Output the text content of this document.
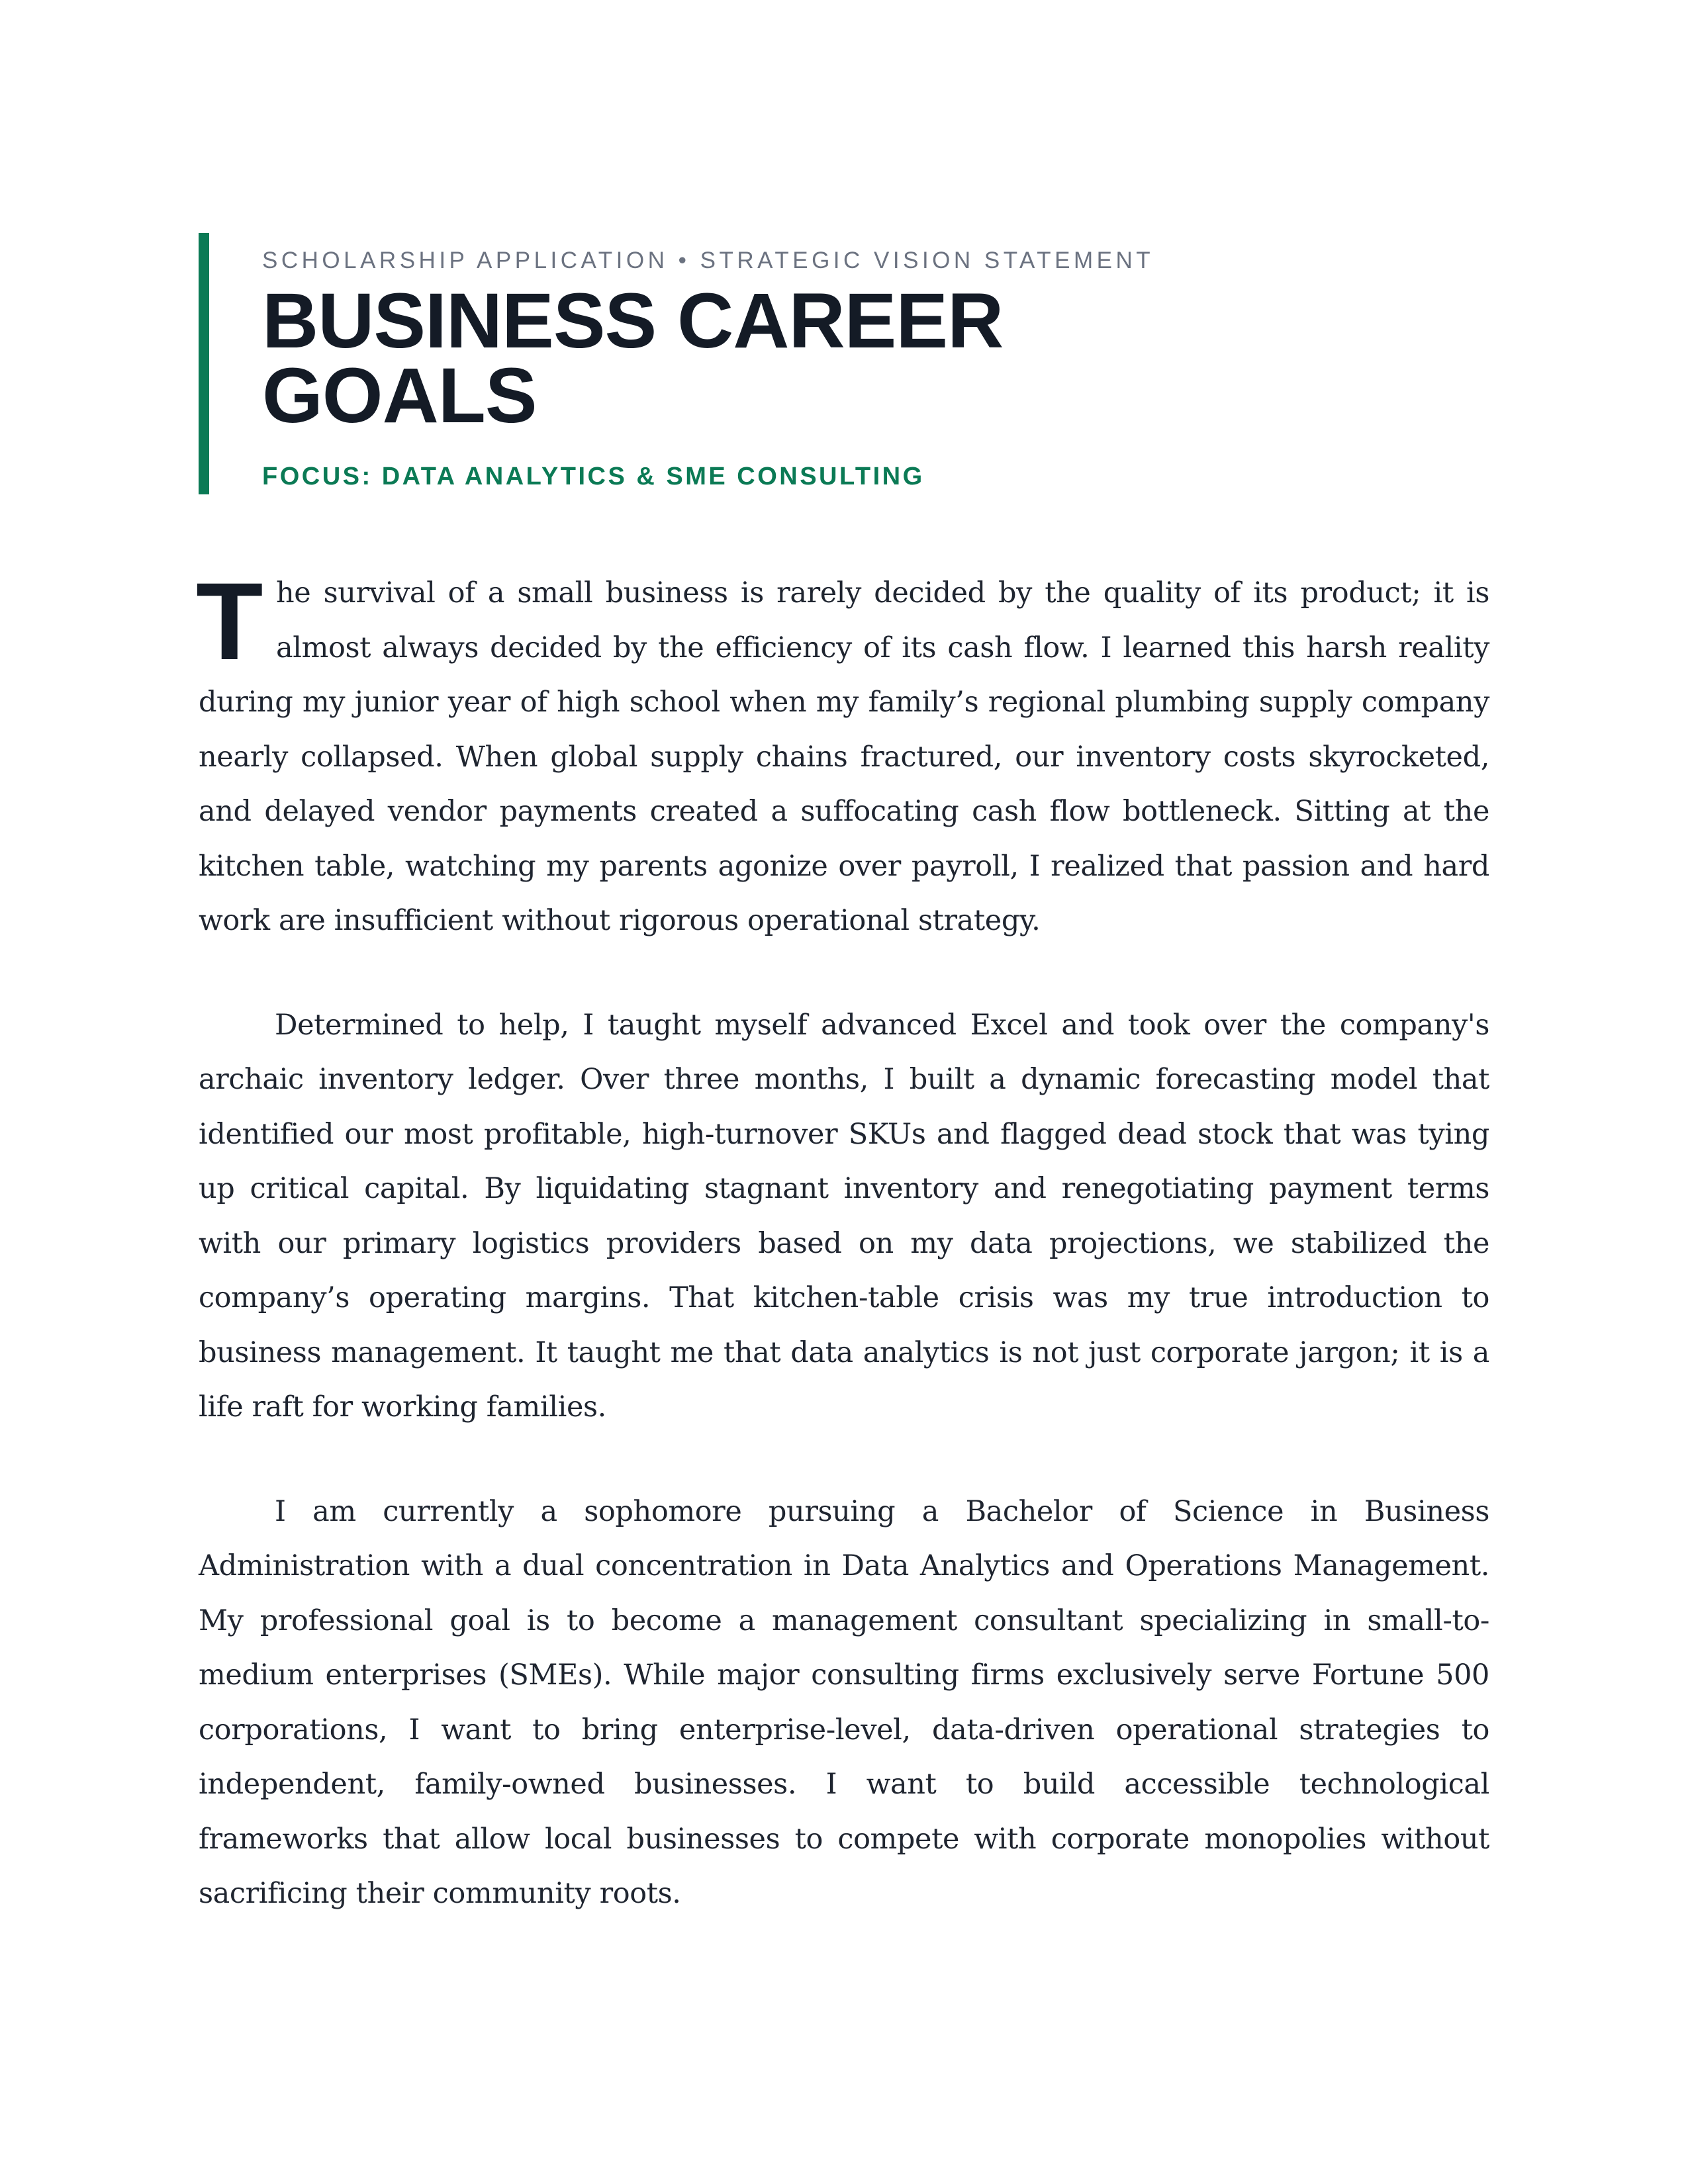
SCHOLARSHIP APPLICATION • STRATEGIC VISION STATEMENT
BUSINESS CAREER
GOALS
FOCUS: DATA ANALYTICS & SME CONSULTING

The survival of a small business is rarely decided by the quality of its product; it is almost always decided by the efficiency of its cash flow. I learned this harsh reality during my junior year of high school when my family’s regional plumbing supply company nearly collapsed. When global supply chains fractured, our inventory costs skyrocketed, and delayed vendor payments created a suffocating cash flow bottleneck. Sitting at the kitchen table, watching my parents agonize over payroll, I realized that passion and hard work are insufficient without rigorous operational strategy.

Determined to help, I taught myself advanced Excel and took over the company's archaic inventory ledger. Over three months, I built a dynamic forecasting model that identified our most profitable, high-turnover SKUs and flagged dead stock that was tying up critical capital. By liquidating stagnant inventory and renegotiating payment terms with our primary logistics providers based on my data projections, we stabilized the company’s operating margins. That kitchen-table crisis was my true introduction to business management. It taught me that data analytics is not just corporate jargon; it is a life raft for working families.

I am currently a sophomore pursuing a Bachelor of Science in Business Administration with a dual concentration in Data Analytics and Operations Management. My professional goal is to become a management consultant specializing in small-to-medium enterprises (SMEs). While major consulting firms exclusively serve Fortune 500 corporations, I want to bring enterprise-level, data-driven operational strategies to independent, family-owned businesses. I want to build accessible technological frameworks that allow local businesses to compete with corporate monopolies without sacrificing their community roots.
